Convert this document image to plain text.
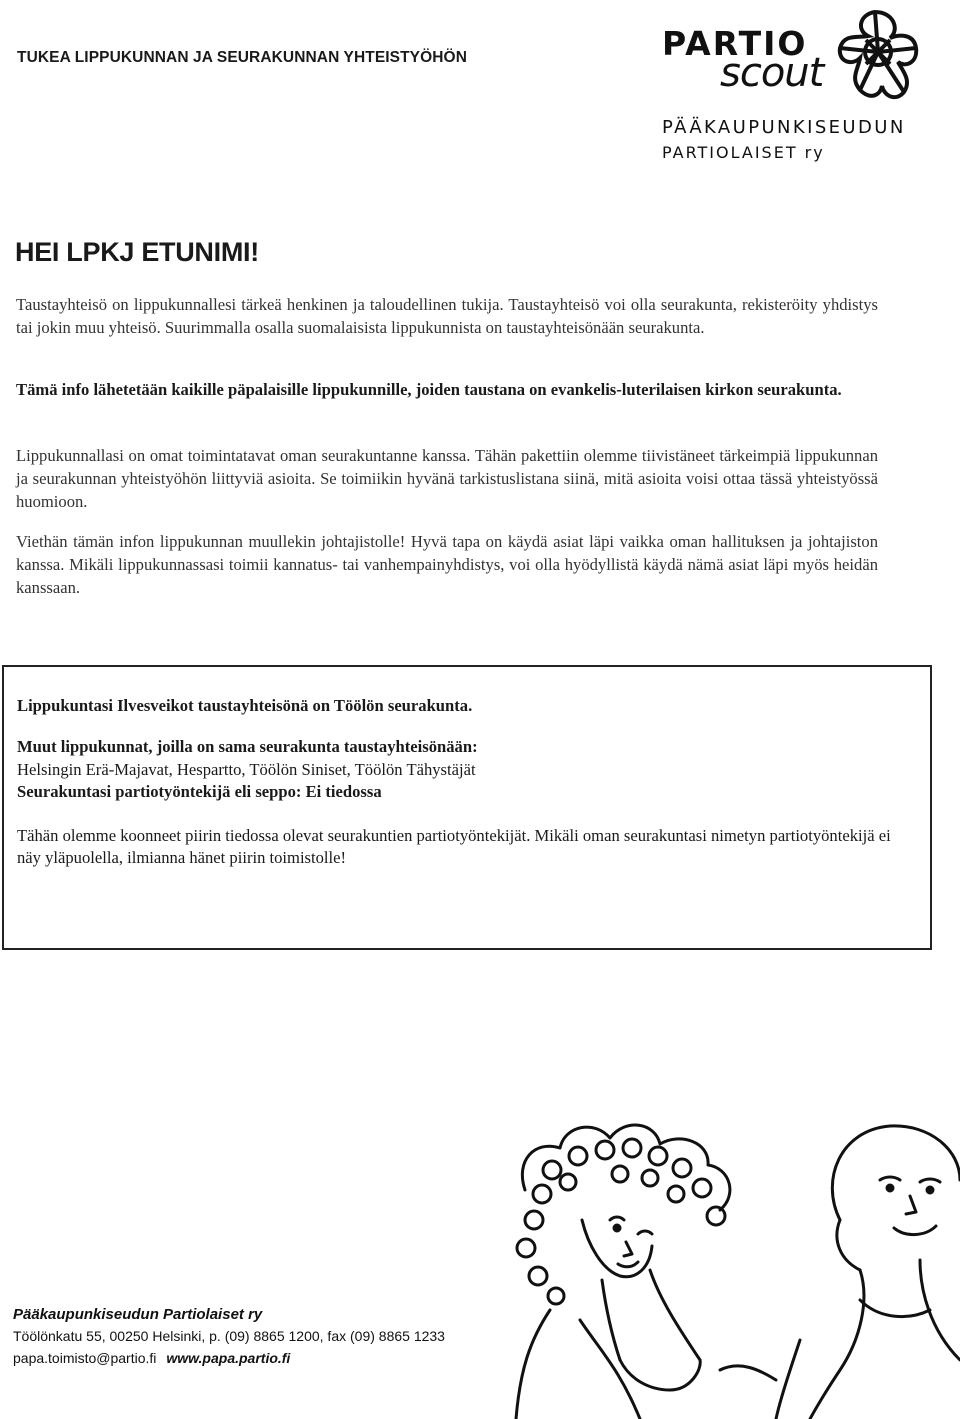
TUKEA LIPPUKUNNAN JA SEURAKUNNAN YHTEISTYÖHÖN	PARTIO
scout
PÄÄKAUPUNKISEUDUN
PARTIOLAISET ry
HEI LPKJ ETUNIMI!
Taustayhteisö on lippukunnallesi tärkeä henkinen ja taloudellinen tukija. Taustayhteisö voi olla seurakunta, rekisteröity yhdistys tai jokin muu yhteisö. Suurimmalla osalla suomalaisista lippukunnista on taustayhteisönään seurakunta.
Tämä info lähetetään kaikille päpalaisille lippukunnille, joiden taustana on evankelis-luterilaisen kirkon seurakunta.
Lippukunnallasi on omat toimintatavat oman seurakuntanne kanssa. Tähän pakettiin olemme tiivistäneet tärkeimpiä lippukunnan ja seurakunnan yhteistyöhön liittyviä asioita. Se toimiikin hyvänä tarkistuslistana siinä, mitä asioita voisi ottaa tässä yhteistyössä huomioon.
Viethän tämän infon lippukunnan muullekin johtajistolle! Hyvä tapa on käydä asiat läpi vaikka oman hallituksen ja johtajiston kanssa. Mikäli lippukunnassasi toimii kannatus- tai vanhempainyhdistys, voi olla hyödyllistä käydä nämä asiat läpi myös heidän kanssaan.
Lippukuntasi Ilvesveikot taustayhteisönä on Töölön seurakunta.
Muut lippukunnat, joilla on sama seurakunta taustayhteisönään:
Helsingin Erä-Majavat, Hespartto, Töölön Siniset, Töölön Tähystäjät
Seurakuntasi partiotyöntekijä eli seppo: Ei tiedossa
Tähän olemme koonneet piirin tiedossa olevat seurakuntien partiotyöntekijät. Mikäli oman seurakuntasi nimetyn partiotyöntekijä ei näy yläpuolella, ilmianna hänet piirin toimistolle!
Pääkaupunkiseudun Partiolaiset ry
Töölönkatu 55, 00250 Helsinki, p. (09) 8865 1200, fax (09) 8865 1233
papa.toimisto@partio.fi www.papa.partio.fi
